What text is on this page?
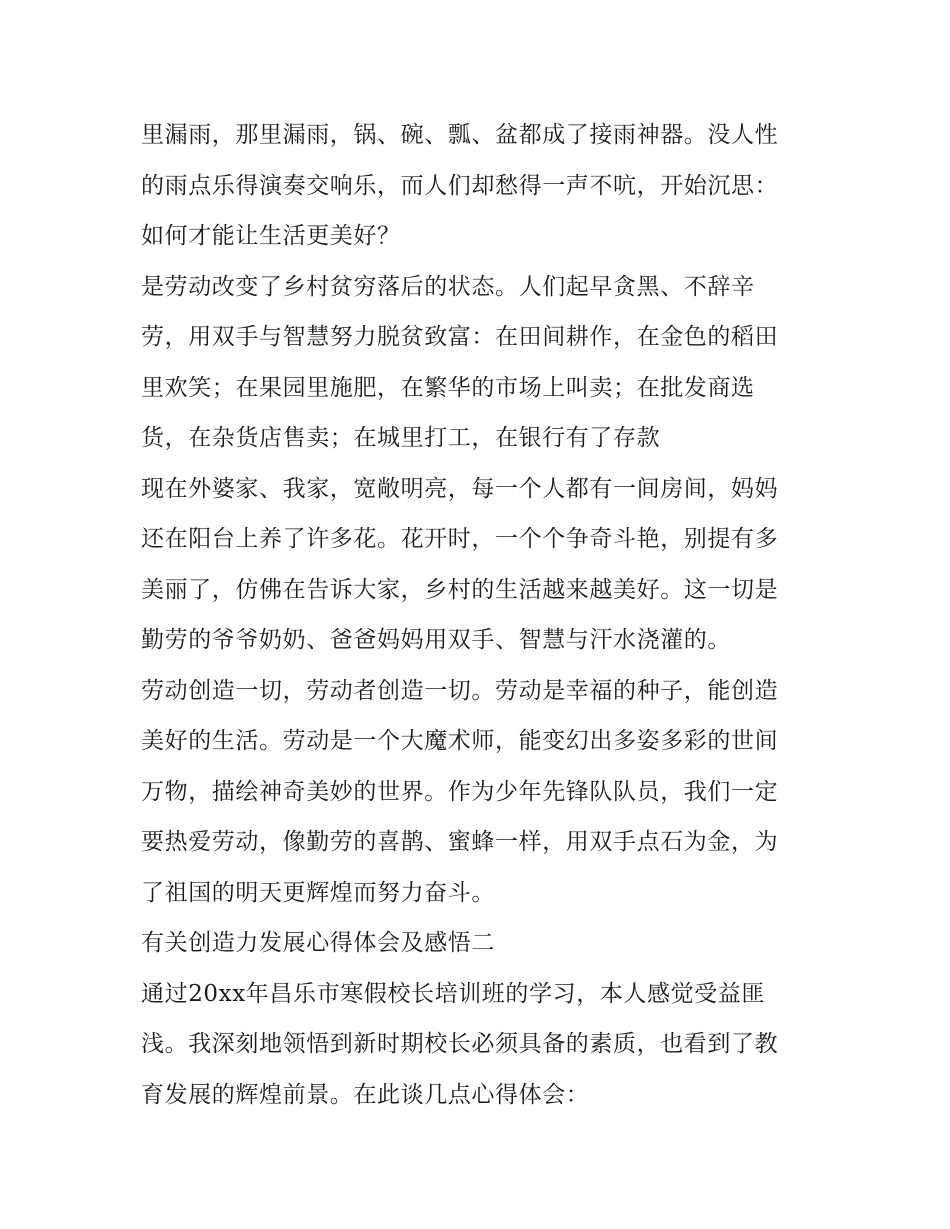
里漏雨，那里漏雨，锅、碗、瓢、盆都成了接雨神器。没人性
的雨点乐得演奏交响乐，而人们却愁得一声不吭，开始沉思：
如何才能让生活更美好？
是劳动改变了乡村贫穷落后的状态。人们起早贪黑、不辞辛
劳，用双手与智慧努力脱贫致富：在田间耕作，在金色的稻田
里欢笑；在果园里施肥，在繁华的市场上叫卖；在批发商选
货，在杂货店售卖；在城里打工，在银行有了存款
现在外婆家、我家，宽敞明亮，每一个人都有一间房间，妈妈
还在阳台上养了许多花。花开时，一个个争奇斗艳，别提有多
美丽了，仿佛在告诉大家，乡村的生活越来越美好。这一切是
勤劳的爷爷奶奶、爸爸妈妈用双手、智慧与汗水浇灌的。
劳动创造一切，劳动者创造一切。劳动是幸福的种子，能创造
美好的生活。劳动是一个大魔术师，能变幻出多姿多彩的世间
万物，描绘神奇美妙的世界。作为少年先锋队队员，我们一定
要热爱劳动，像勤劳的喜鹊、蜜蜂一样，用双手点石为金，为
了祖国的明天更辉煌而努力奋斗。
有关创造力发展心得体会及感悟二
通过20xx年昌乐市寒假校长培训班的学习，本人感觉受益匪
浅。我深刻地领悟到新时期校长必须具备的素质，也看到了教
育发展的辉煌前景。在此谈几点心得体会：
